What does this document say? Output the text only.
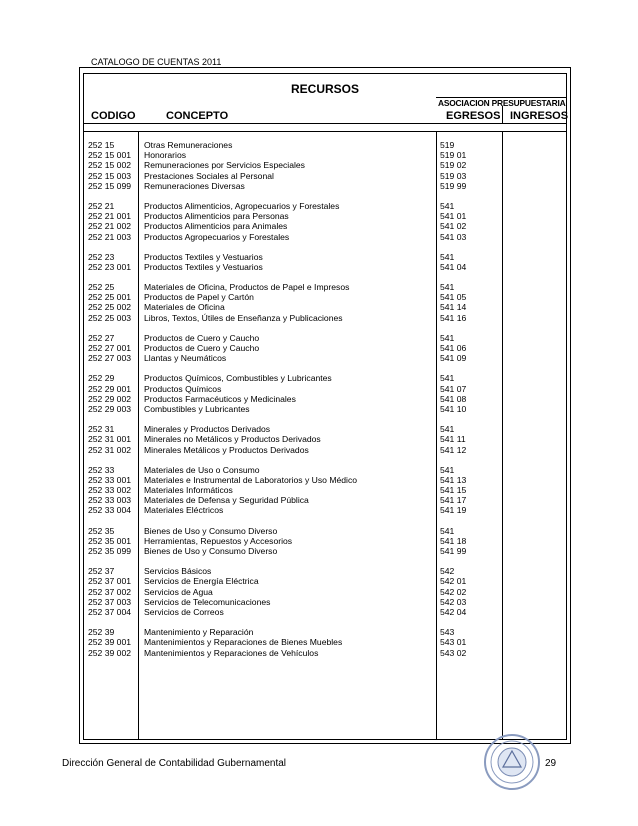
CATALOGO DE CUENTAS 2011
RECURSOS
CODIGO	CONCEPTO
ASOCIACION PRESUPUESTARIA
EGRESOS INGRESOS
252 15	Otras Remuneraciones	519
252 15 001 Honorarios	519 01
252 15 002 Remuneraciones por Servicios Especiales	519 02
252 15 003 Prestaciones Sociales al Personal	519 03
252 15 099 Remuneraciones Diversas	519 99
252 21	Productos Alimenticios, Agropecuarios y Forestales	541
252 21 001 Productos Alimenticios para Personas	541 01
252 21 002 Productos Alimenticios para Animales	541 02
252 21 003 Productos Agropecuarios y Forestales	541 03
252 23	Productos Textiles y Vestuarios	541
252 23 001 Productos Textiles y Vestuarios	541 04
252 25	Materiales de Oficina, Productos de Papel e Impresos	541
252 25 001 Productos de Papel y Cartón	541 05
252 25 002 Materiales de Oficina	541 14
252 25 003 Libros, Textos, Útiles de Enseñanza y Publicaciones	541 16
252 27	Productos de Cuero y Caucho	541
252 27 001 Productos de Cuero y Caucho	541 06
252 27 003 Llantas y Neumáticos	541 09
252 29	Productos Químicos, Combustibles y Lubricantes	541
252 29 001 Productos Químicos	541 07
252 29 002 Productos Farmacéuticos y Medicinales	541 08
252 29 003 Combustibles y Lubricantes	541 10
252 31	Minerales y Productos Derivados	541
252 31 001 Minerales no Metálicos y Productos Derivados	541 11
252 31 002 Minerales Metálicos y Productos Derivados	541 12
252 33	Materiales de Uso o Consumo	541
252 33 001 Materiales e Instrumental de Laboratorios y Uso Médico	541 13
252 33 002 Materiales Informáticos	541 15
252 33 003 Materiales de Defensa y Seguridad Pública	541 17
252 33 004 Materiales Eléctricos	541 19
252 35	Bienes de Uso y Consumo Diverso	541
252 35 001 Herramientas, Repuestos y Accesorios	541 18
252 35 099 Bienes de Uso y Consumo Diverso	541 99
252 37	Servicios Básicos	542
252 37 001 Servicios de Energía Eléctrica	542 01
252 37 002 Servicios de Agua	542 02
252 37 003 Servicios de Telecomunicaciones	542 03
252 37 004 Servicios de Correos	542 04
252 39	Mantenimiento y Reparación	543
252 39 001 Mantenimientos y Reparaciones de Bienes Muebles	543 01
252 39 002 Mantenimientos y Reparaciones de Vehículos	543 02
Dirección General de Contabilidad Gubernamental	29
